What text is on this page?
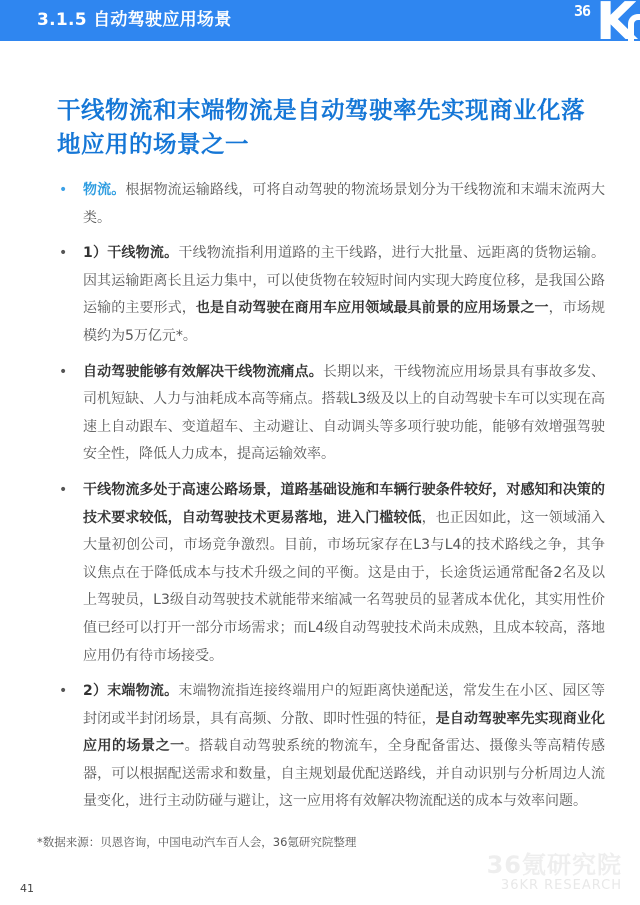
3.1.5 自动驾驶应用场景	36 K
干线物流和末端物流是自动驾驶率先实现商业化落地应用的场景之一
• 物流。根据物流运输路线，可将自动驾驶的物流场景划分为干线物流和末端末流两大类。
• 1）干线物流。干线物流指利用道路的主干线路，进行大批量、远距离的货物运输。因其运输距离长且运力集中，可以使货物在较短时间内实现大跨度位移，是我国公路运输的主要形式，也是自动驾驶在商用车应用领域最具前景的应用场景之一，市场规模约为5万亿元*。
• 自动驾驶能够有效解决干线物流痛点。长期以来，干线物流应用场景具有事故多发、司机短缺、人力与油耗成本高等痛点。搭载L3级及以上的自动驾驶卡车可以实现在高速上自动跟车、变道超车、主动避让、自动调头等多项行驶功能，能够有效增强驾驶安全性，降低人力成本，提高运输效率。
• 干线物流多处于高速公路场景，道路基础设施和车辆行驶条件较好，对感知和决策的技术要求较低，自动驾驶技术更易落地，进入门槛较低，也正因如此，这一领域涌入大量初创公司，市场竞争激烈。目前，市场玩家存在L3与L4的技术路线之争，其争议焦点在于降低成本与技术升级之间的平衡。这是由于，长途货运通常配备2名及以上驾驶员，L3级自动驾驶技术就能带来缩减一名驾驶员的显著成本优化，其实用性价值已经可以打开一部分市场需求；而L4级自动驾驶技术尚未成熟，且成本较高，落地应用仍有待市场接受。
• 2）末端物流。末端物流指连接终端用户的短距离快递配送，常发生在小区、园区等封闭或半封闭场景，具有高频、分散、即时性强的特征，是自动驾驶率先实现商业化应用的场景之一。搭载自动驾驶系统的物流车，全身配备雷达、摄像头等高精传感器，可以根据配送需求和数量，自主规划最优配送路线，并自动识别与分析周边人流量变化，进行主动防碰与避让，这一应用将有效解决物流配送的成本与效率问题。
*数据来源：贝恩咨询，中国电动汽车百人会，36氪研究院整理
41
36氪研究院
36KR RESEARCH
